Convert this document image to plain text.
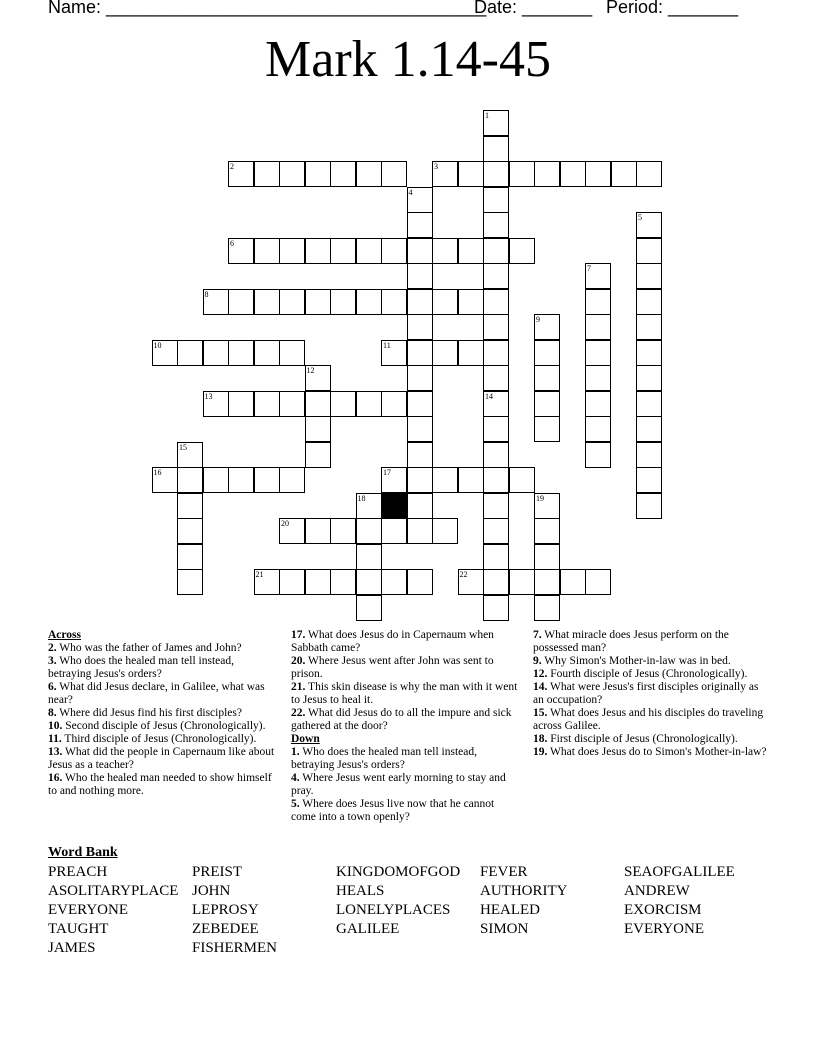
Name: ______________________________________
Date: _______ Period: _______
Mark 1.14-45
1
14
2	3
4
5
6
7
8
9
10	11
12
13
15
16	17
18	19
20
21	22
Across
2. Who was the father of James and John?
3. Who does the healed man tell instead, betraying Jesus's orders?
6. What did Jesus declare, in Galilee, what was near?
8. Where did Jesus find his first disciples?
10. Second disciple of Jesus (Chronologically).
11. Third disciple of Jesus (Chronologically).
13. What did the people in Capernaum like about Jesus as a teacher?
16. Who the healed man needed to show himself to and nothing more.
17. What does Jesus do in Capernaum when Sabbath came?
20. Where Jesus went after John was sent to prison.
21. This skin disease is why the man with it went to Jesus to heal it.
22. What did Jesus do to all the impure and sick gathered at the door?
Down
1. Who does the healed man tell instead, betraying Jesus's orders?
4. Where Jesus went early morning to stay and pray.
5. Where does Jesus live now that he cannot come into a town openly?
7. What miracle does Jesus perform on the possessed man?
9. Why Simon's Mother-in-law was in bed.
12. Fourth disciple of Jesus (Chronologically).
14. What were Jesus's first disciples originally as an occupation?
15. What does Jesus and his disciples do traveling across Galilee.
18. First disciple of Jesus (Chronologically).
19. What does Jesus do to Simon's Mother-in-law?
Word Bank
PREACH
ASOLITARYPLACE
EVERYONE
TAUGHT
JAMES
PREIST
JOHN
LEPROSY
ZEBEDEE
FISHERMEN
KINGDOMOFGOD
HEALS
LONELYPLACES
GALILEE
FEVER
AUTHORITY
HEALED
SIMON
SEAOFGALILEE
ANDREW
EXORCISM
EVERYONE
